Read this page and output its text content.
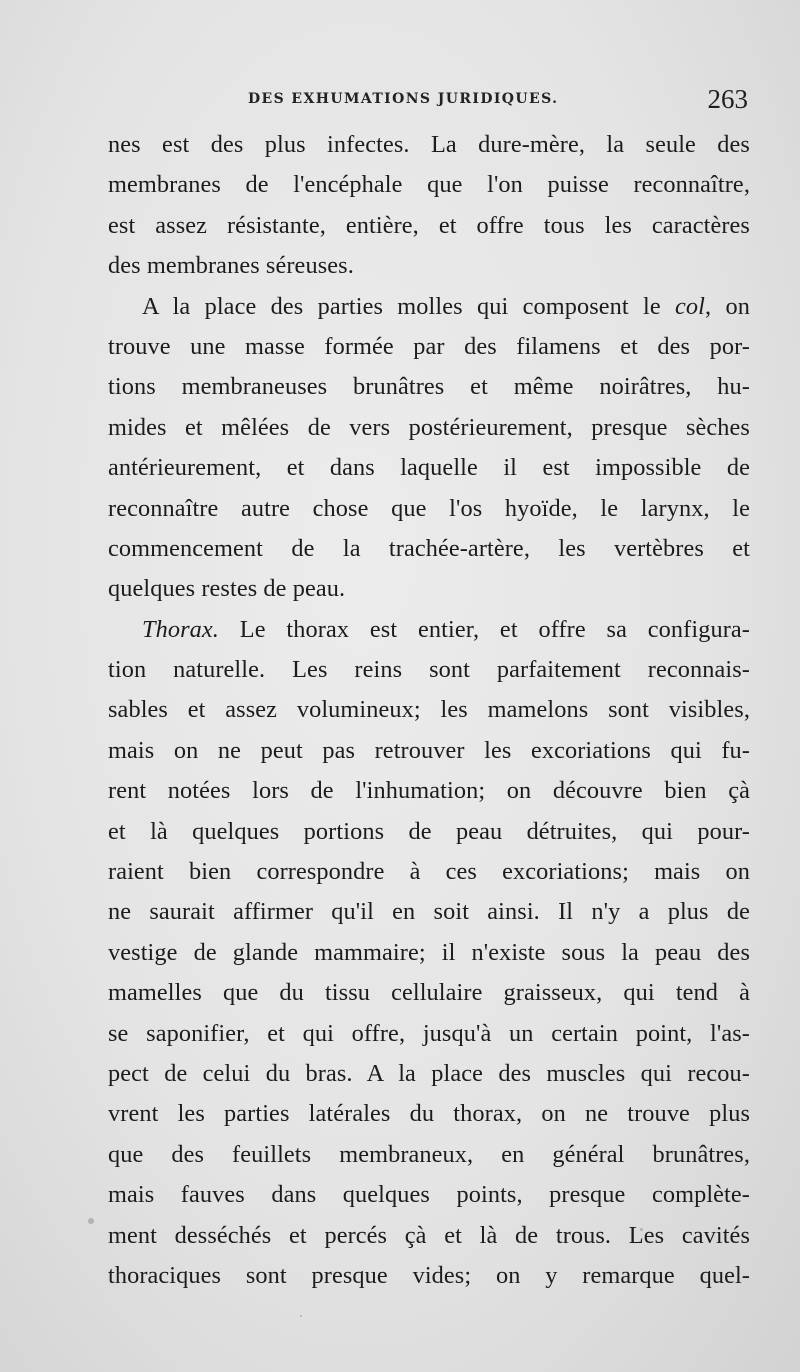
DES EXHUMATIONS JURIDIQUES.	263
nes est des plus infectes. La dure-mère, la seule des
membranes de l'encéphale que l'on puisse reconnaître,
est assez résistante, entière, et offre tous les caractères
des membranes séreuses.
A la place des parties molles qui composent le col, on
trouve une masse formée par des filamens et des por-
tions membraneuses brunâtres et même noirâtres, hu-
mides et mêlées de vers postérieurement, presque sèches
antérieurement, et dans laquelle il est impossible de
reconnaître autre chose que l'os hyoïde, le larynx, le
commencement de la trachée-artère, les vertèbres et
quelques restes de peau.
Thorax. Le thorax est entier, et offre sa configura-
tion naturelle. Les reins sont parfaitement reconnais-
sables et assez volumineux; les mamelons sont visibles,
mais on ne peut pas retrouver les excoriations qui fu-
rent notées lors de l'inhumation; on découvre bien çà
et là quelques portions de peau détruites, qui pour-
raient bien correspondre à ces excoriations; mais on
ne saurait affirmer qu'il en soit ainsi. Il n'y a plus de
vestige de glande mammaire; il n'existe sous la peau des
mamelles que du tissu cellulaire graisseux, qui tend à
se saponifier, et qui offre, jusqu'à un certain point, l'as-
pect de celui du bras. A la place des muscles qui recou-
vrent les parties latérales du thorax, on ne trouve plus
que des feuillets membraneux, en général brunâtres,
mais fauves dans quelques points, presque complète-
ment desséchés et percés çà et là de trous. Les cavités
thoraciques sont presque vides; on y remarque quel-
